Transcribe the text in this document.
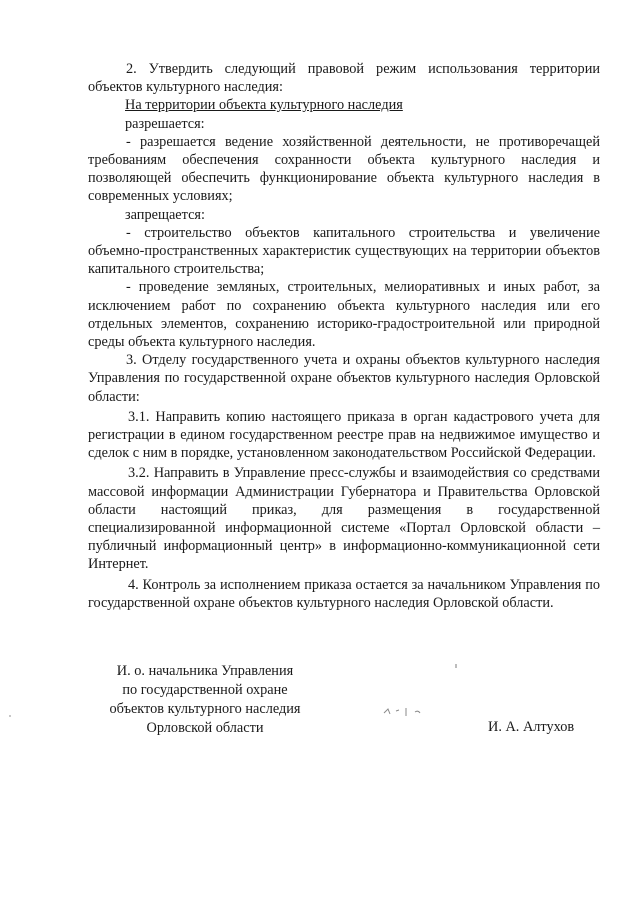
2. Утвердить следующий правовой режим использования территории объектов культурного наследия:

На территории объекта культурного наследия

разрешается:

- разрешается ведение хозяйственной деятельности, не противоречащей требованиям обеспечения сохранности объекта культурного наследия и позволяющей обеспечить функционирование объекта культурного наследия в современных условиях;

запрещается:

- строительство объектов капитального строительства и увеличение объемно-пространственных характеристик существующих на территории объектов капитального строительства;

- проведение земляных, строительных, мелиоративных и иных работ, за исключением работ по сохранению объекта культурного наследия или его отдельных элементов, сохранению историко-градостроительной или природной среды объекта культурного наследия.

3. Отделу государственного учета и охраны объектов культурного наследия Управления по государственной охране объектов культурного наследия Орловской области:

3.1. Направить копию настоящего приказа в орган кадастрового учета для регистрации в едином государственном реестре прав на недвижимое имущество и сделок с ним в порядке, установленном законодательством Российской Федерации.

3.2. Направить в Управление пресс-службы и взаимодействия со средствами массовой информации Администрации Губернатора и Правительства Орловской области настоящий приказ, для размещения в государственной специализированной информационной системе «Портал Орловской области – публичный информационный центр» в информационно-коммуникационной сети Интернет.

4. Контроль за исполнением приказа остается за начальником Управления по государственной охране объектов культурного наследия Орловской области.

И. о. начальника Управления
по государственной охране
объектов культурного наследия
Орловской области	И. А. Алтухов
